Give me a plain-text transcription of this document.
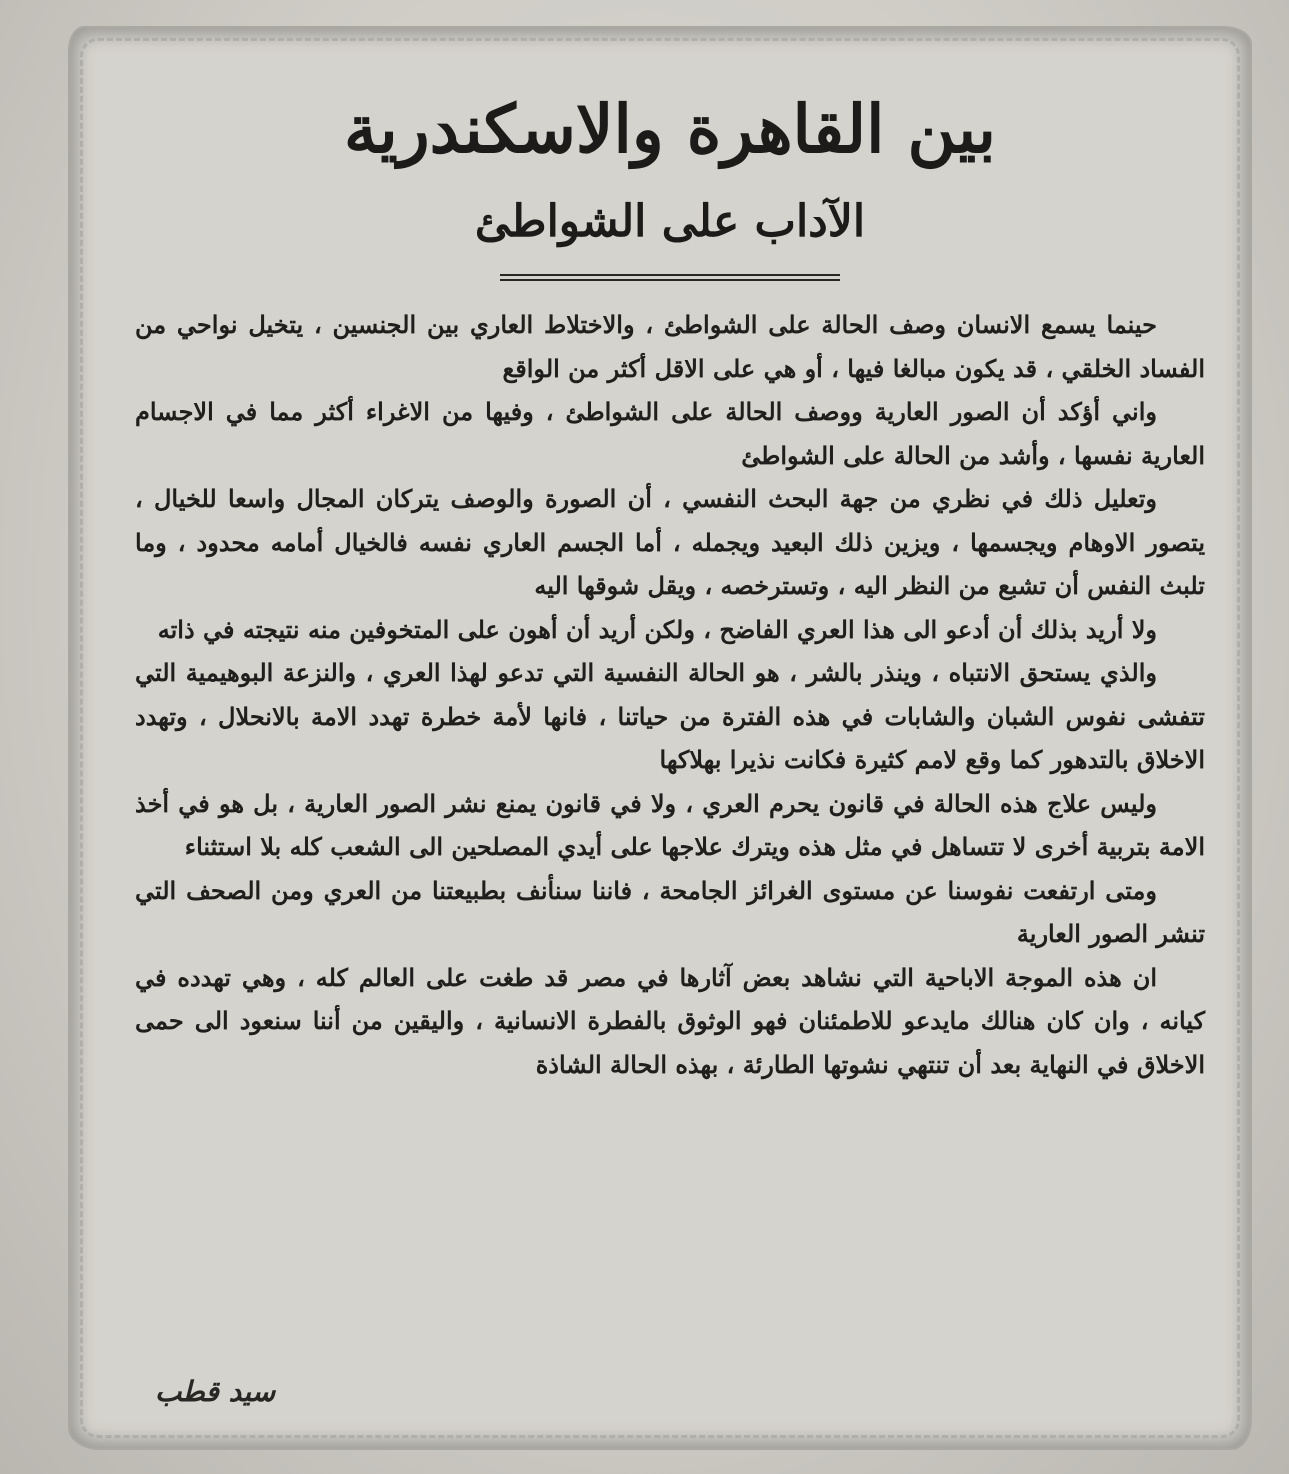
بين القاهرة والاسكندرية
الآداب على الشواطئ

حينما يسمع الانسان وصف الحالة على الشواطئ ، والاختلاط العاري بين الجنسين ، يتخيل نواحي من الفساد الخلقي ، قد يكون مبالغا فيها ، أو هي على الاقل أكثر من الواقع

واني أؤكد أن الصور العارية ووصف الحالة على الشواطئ ، وفيها من الاغراء أكثر مما في الاجسام العارية نفسها ، وأشد من الحالة على الشواطئ

وتعليل ذلك في نظري من جهة البحث النفسي ، أن الصورة والوصف يتركان المجال واسعا للخيال ، يتصور الاوهام ويجسمها ، ويزين ذلك البعيد ويجمله ، أما الجسم العاري نفسه فالخيال أمامه محدود ، وما تلبث النفس أن تشبع من النظر اليه ، وتسترخصه ، ويقل شوقها اليه

ولا أريد بذلك أن أدعو الى هذا العري الفاضح ، ولكن أريد أن أهون على المتخوفين منه نتيجته في ذاته

والذي يستحق الانتباه ، وينذر بالشر ، هو الحالة النفسية التي تدعو لهذا العري ، والنزعة البوهيمية التي تتفشى نفوس الشبان والشابات في هذه الفترة من حياتنا ، فانها لأمة خطرة تهدد الامة بالانحلال ، وتهدد الاخلاق بالتدهور كما وقع لامم كثيرة فكانت نذيرا بهلاكها

وليس علاج هذه الحالة في قانون يحرم العري ، ولا في قانون يمنع نشر الصور العارية ، بل هو في أخذ الامة بتربية أخرى لا تتساهل في مثل هذه ويترك علاجها على أيدي المصلحين الى الشعب كله بلا استثناء

ومتى ارتفعت نفوسنا عن مستوى الغرائز الجامحة ، فاننا سنأنف بطبيعتنا من العري ومن الصحف التي تنشر الصور العارية

ان هذه الموجة الاباحية التي نشاهد بعض آثارها في مصر قد طغت على العالم كله ، وهي تهدده في كيانه ، وان كان هنالك مايدعو للاطمئنان فهو الوثوق بالفطرة الانسانية ، واليقين من أننا سنعود الى حمى الاخلاق في النهاية بعد أن تنتهي نشوتها الطارئة ، بهذه الحالة الشاذة

سيد قطب
